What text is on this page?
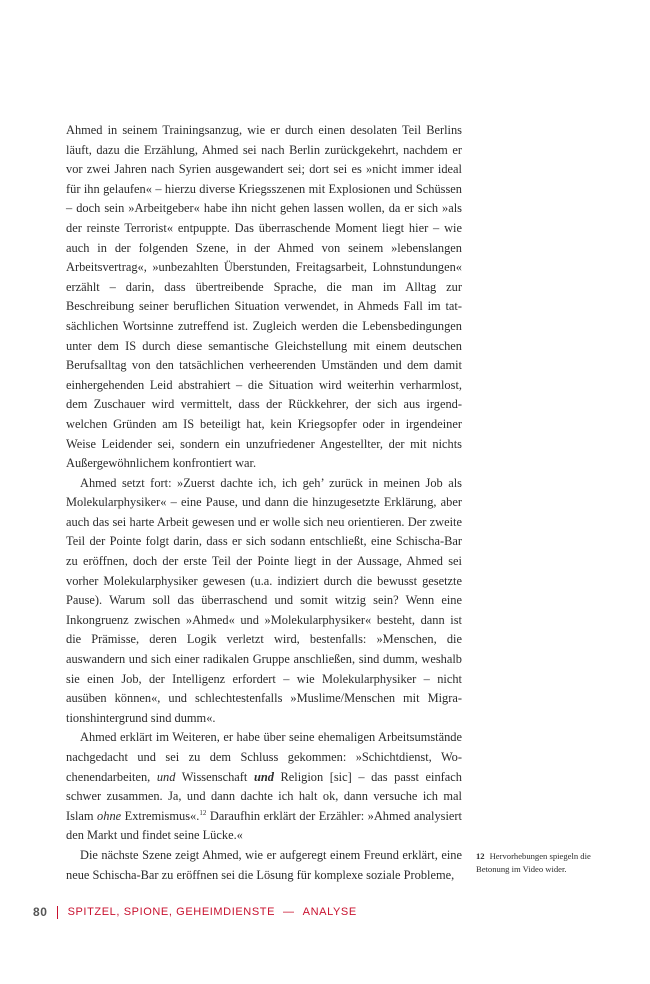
Ahmed in seinem Trainingsanzug, wie er durch einen desolaten Teil Berlins läuft, dazu die Erzählung, Ahmed sei nach Berlin zurückgekehrt, nachdem er vor zwei Jahren nach Syrien ausgewandert sei; dort sei es »nicht immer ideal für ihn gelaufen« – hierzu diverse Kriegsszenen mit Explosionen und Schüssen – doch sein »Arbeitgeber« habe ihn nicht gehen lassen wollen, da er sich »als der reinste Terrorist« entpuppte. Das überraschende Moment liegt hier – wie auch in der folgenden Szene, in der Ahmed von seinem »lebenslangen Arbeitsvertrag«, »unbezahlten Überstunden, Freitagsarbeit, Lohnstundungen« erzählt – darin, dass übertreibende Sprache, die man im Alltag zur Beschreibung seiner beruflichen Situation verwendet, in Ahmeds Fall im tatsächlichen Wortsinne zutreffend ist. Zugleich werden die Lebensbedingungen unter dem IS durch diese semantische Gleichstellung mit einem deutschen Berufsalltag von den tatsächlichen verheerenden Umständen und dem damit einhergehenden Leid abstrahiert – die Situation wird weiterhin verharmlost, dem Zuschauer wird vermittelt, dass der Rückkehrer, der sich aus irgendwelchen Gründen am IS beteiligt hat, kein Kriegsopfer oder in irgendeiner Weise Leidender sei, sondern ein unzufriedener Angestellter, der mit nichts Außergewöhnlichem konfrontiert war.

Ahmed setzt fort: »Zuerst dachte ich, ich geh’ zurück in meinen Job als Molekularphysiker« – eine Pause, und dann die hinzugesetzte Erklärung, aber auch das sei harte Arbeit gewesen und er wolle sich neu orientieren. Der zweite Teil der Pointe folgt darin, dass er sich sodann entschließt, eine Schischa-Bar zu eröffnen, doch der erste Teil der Pointe liegt in der Aussage, Ahmed sei vorher Molekularphysiker gewesen (u.a. indiziert durch die bewusst gesetzte Pause). Warum soll das überraschend und somit witzig sein? Wenn eine Inkongruenz zwischen »Ahmed« und »Molekularphysiker« besteht, dann ist die Prämisse, deren Logik verletzt wird, bestenfalls: »Menschen, die auswandern und sich einer radikalen Gruppe anschließen, sind dumm, weshalb sie einen Job, der Intelligenz erfordert – wie Molekularphysiker – nicht ausüben können«, und schlechtestenfalls »Muslime/Menschen mit Migrationshintergrund sind dumm«.

Ahmed erklärt im Weiteren, er habe über seine ehemaligen Arbeitsumstände nachgedacht und sei zu dem Schluss gekommen: »Schichtdienst, Wochenendarbeiten, und Wissenschaft und Religion [sic] – das passt einfach schwer zusammen. Ja, und dann dachte ich halt ok, dann versuche ich mal Islam ohne Extremismus«.$^{12}$ Daraufhin erklärt der Erzähler: »Ahmed analysiert den Markt und findet seine Lücke.«

Die nächste Szene zeigt Ahmed, wie er aufgeregt einem Freund erklärt, eine neue Schischa-Bar zu eröffnen sei die Lösung für komplexe soziale Probleme,

12 Hervorhebungen spiegeln die Betonung im Video wider.
80 SPITZEL, SPIONE, GEHEIMDIENSTE — ANALYSE
